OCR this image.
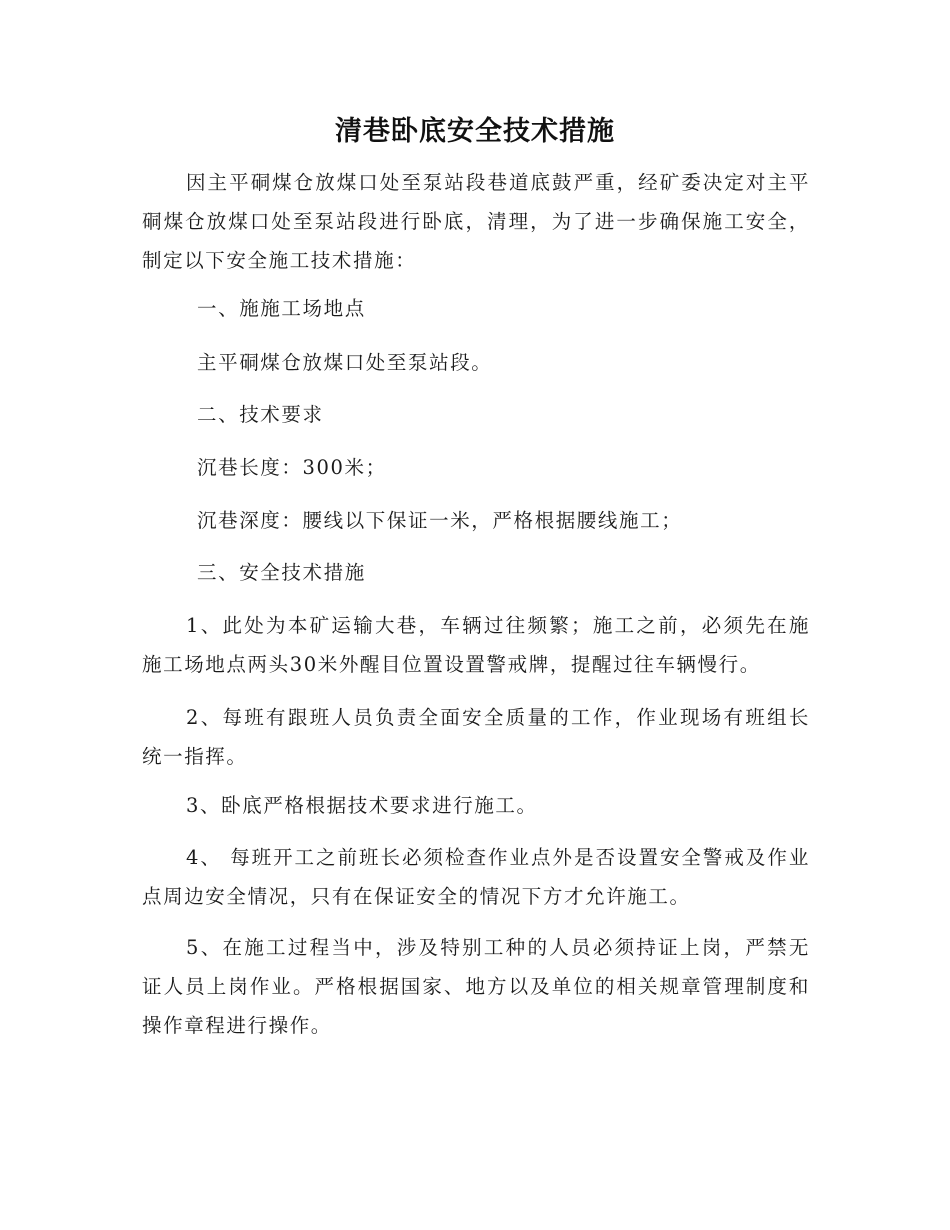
清巷卧底安全技术措施

因主平硐煤仓放煤口处至泵站段巷道底鼓严重，经矿委决定对主平硐煤仓放煤口处至泵站段进行卧底，清理，为了进一步确保施工安全，制定以下安全施工技术措施：

一、施施工场地点

主平硐煤仓放煤口处至泵站段。

二、技术要求

沉巷长度：300米；

沉巷深度：腰线以下保证一米，严格根据腰线施工；

三、安全技术措施

1、此处为本矿运输大巷，车辆过往频繁；施工之前，必须先在施施工场地点两头30米外醒目位置设置警戒牌，提醒过往车辆慢行。

2、每班有跟班人员负责全面安全质量的工作，作业现场有班组长统一指挥。

3、卧底严格根据技术要求进行施工。

4、 每班开工之前班长必须检查作业点外是否设置安全警戒及作业点周边安全情况，只有在保证安全的情况下方才允许施工。

5、在施工过程当中，涉及特别工种的人员必须持证上岗，严禁无证人员上岗作业。严格根据国家、地方以及单位的相关规章管理制度和操作章程进行操作。
